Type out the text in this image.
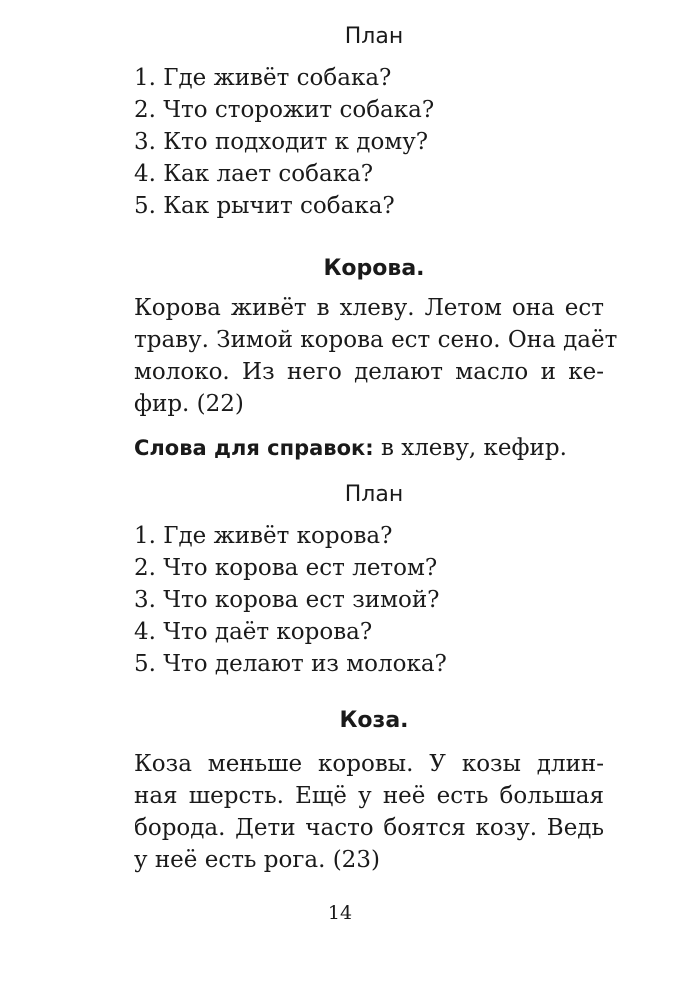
План
1. Где живёт собака?
2. Что сторожит собака?
3. Кто подходит к дому?
4. Как лает собака?
5. Как рычит собака?
Корова.

Корова живёт в хлеву. Летом она ест
траву. Зимой корова ест сено. Она даёт
молоко. Из него делают масло и ке-
фир. (22)

Слова для справок: в хлеву, кефир.

План
1. Где живёт корова?
2. Что корова ест летом?
3. Что корова ест зимой?
4. Что даёт корова?
5. Что делают из молока?
Коза.

Коза меньше коровы. У козы длин-
ная шерсть. Ещё у неё есть большая
борода. Дети часто боятся козу. Ведь
у неё есть рога. (23)

14
